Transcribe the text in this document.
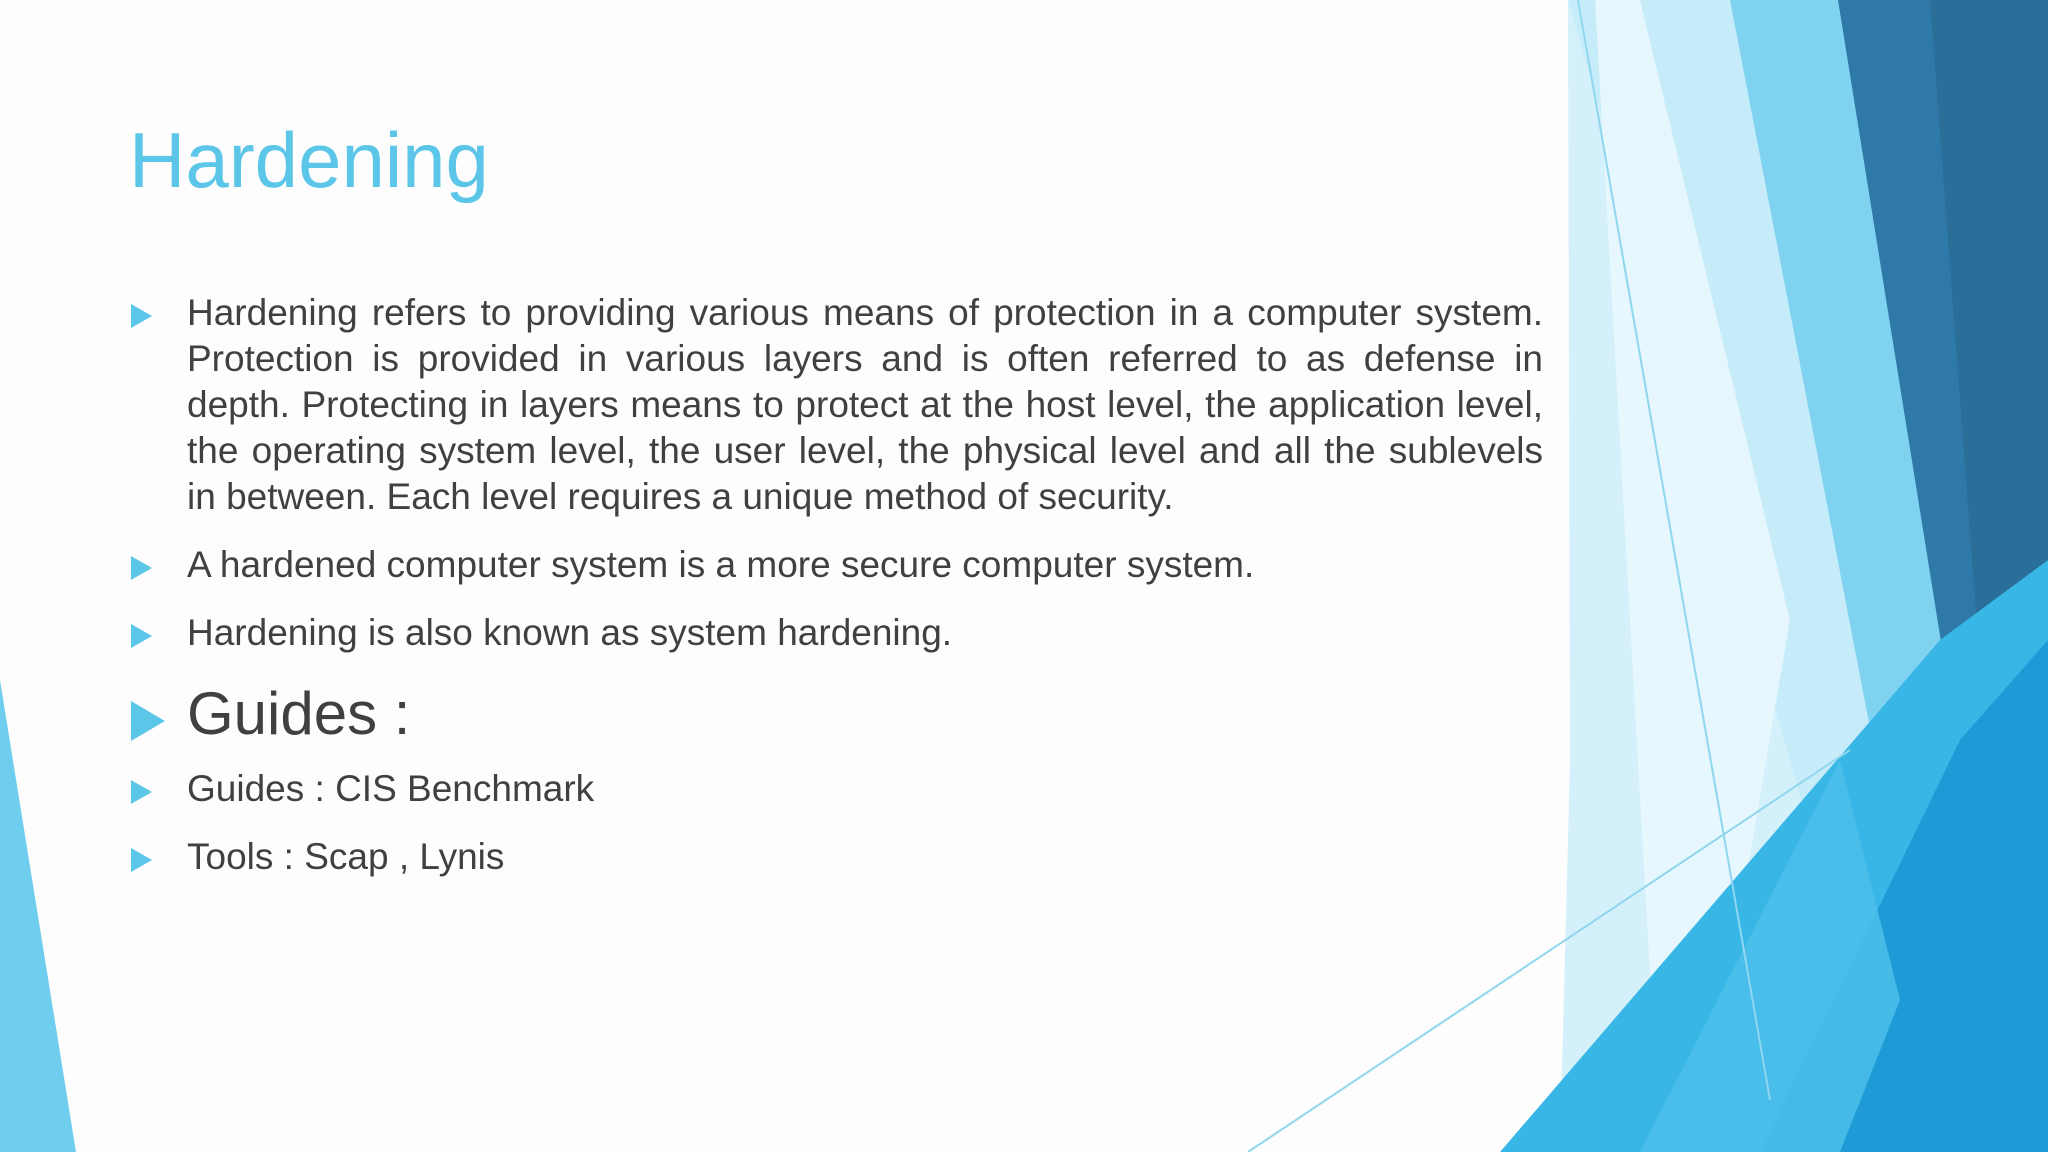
Hardening
Hardening refers to providing various means of protection in a computer system. Protection is provided in various layers and is often referred to as defense in depth. Protecting in layers means to protect at the host level, the application level, the operating system level, the user level, the physical level and all the sublevels in between. Each level requires a unique method of security.
A hardened computer system is a more secure computer system.
Hardening is also known as system hardening.
Guides :
Guides : CIS Benchmark
Tools : Scap , Lynis
